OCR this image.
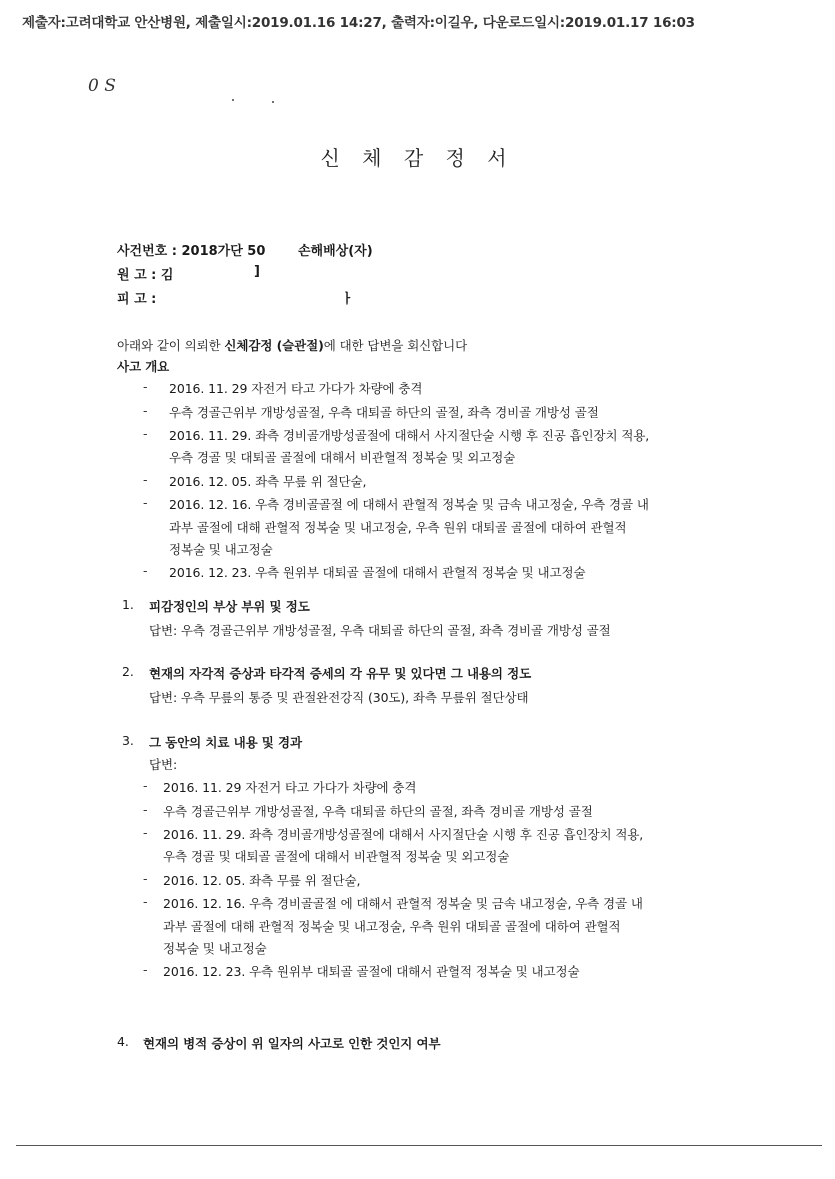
제출자:고려대학교 안산병원, 제출일시:2019.01.16 14:27, 출력자:이길우, 다운로드일시:2019.01.17 16:03
0 S
신 체 감 정 서
사건번호 : 2018가단 50	손해배상(자)
원 고 : 김	]
피 고 :	ㅏ
아래와 같이 의뢰한 신체감정 (슬관절)에 대한 답변을 회신합니다
사고 개요
- 2016. 11. 29 자전거 타고 가다가 차량에 충격
- 우측 경골근위부 개방성골절, 우측 대퇴골 하단의 골절, 좌측 경비골 개방성 골절
- 2016. 11. 29. 좌측 경비골개방성골절에 대해서 사지절단술 시행 후 진공 흡인장치 적용,
우측 경골 및 대퇴골 골절에 대해서 비관혈적 정복술 및 외고정술
- 2016. 12. 05. 좌측 무릎 위 절단술,
- 2016. 12. 16. 우측 경비골골절 에 대해서 관혈적 정복술 및 금속 내고정술, 우측 경골 내
과부 골절에 대해 관혈적 정복술 및 내고정술, 우측 원위 대퇴골 골절에 대하여 관혈적
정복술 및 내고정술
- 2016. 12. 23. 우측 원위부 대퇴골 골절에 대해서 관혈적 정복술 및 내고정술
1. 피감정인의 부상 부위 및 정도
답변: 우측 경골근위부 개방성골절, 우측 대퇴골 하단의 골절, 좌측 경비골 개방성 골절
2. 현재의 자각적 증상과 타각적 증세의 각 유무 및 있다면 그 내용의 정도
답변: 우측 무릎의 통증 및 관절완전강직 (30도), 좌측 무릎위 절단상태
3. 그 동안의 치료 내용 및 경과
답변:
- 2016. 11. 29 자전거 타고 가다가 차량에 충격
- 우측 경골근위부 개방성골절, 우측 대퇴골 하단의 골절, 좌측 경비골 개방성 골절
- 2016. 11. 29. 좌측 경비골개방성골절에 대해서 사지절단술 시행 후 진공 흡인장치 적용,
우측 경골 및 대퇴골 골절에 대해서 비관혈적 정복술 및 외고정술
- 2016. 12. 05. 좌측 무릎 위 절단술,
- 2016. 12. 16. 우측 경비골골절 에 대해서 관혈적 정복술 및 금속 내고정술, 우측 경골 내
과부 골절에 대해 관혈적 정복술 및 내고정술, 우측 원위 대퇴골 골절에 대하여 관혈적
정복술 및 내고정술
- 2016. 12. 23. 우측 원위부 대퇴골 골절에 대해서 관혈적 정복술 및 내고정술
4. 현재의 병적 증상이 위 일자의 사고로 인한 것인지 여부
